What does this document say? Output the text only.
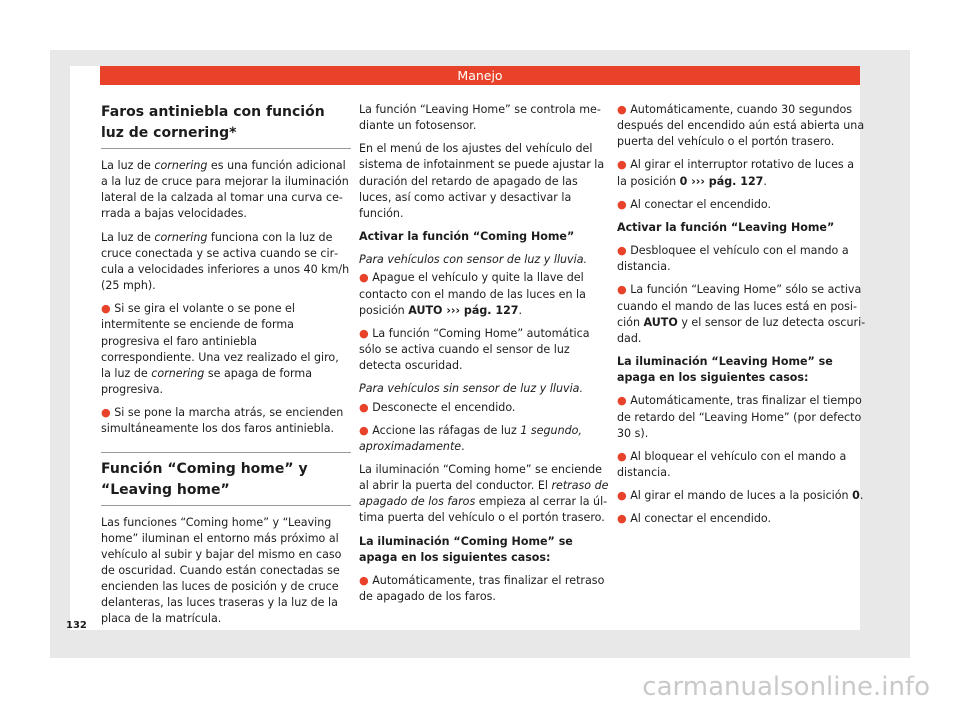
Manejo
Faros antiniebla con función luz de cornering*

La luz de cornering es una función adicional a la luz de cruce para mejorar la iluminación lateral de la calzada al tomar una curva cerrada a bajas velocidades.

La luz de cornering funciona con la luz de cruce conectada y se activa cuando se circula a velocidades inferiores a unos 40 km/h (25 mph).

● Si se gira el volante o se pone el intermitente se enciende de forma progresiva el faro antiniebla correspondiente. Una vez realizado el giro, la luz de cornering se apaga de forma progresiva.

● Si se pone la marcha atrás, se encienden simultáneamente los dos faros antiniebla.

Función “Coming home” y “Leaving home”

Las funciones “Coming home” y “Leaving home” iluminan el entorno más próximo al vehículo al subir y bajar del mismo en caso de oscuridad. Cuando están conectadas se encienden las luces de posición y de cruce delanteras, las luces traseras y la luz de la placa de la matrícula.

La función “Leaving Home” se controla mediante un fotosensor.

En el menú de los ajustes del vehículo del sistema de infotainment se puede ajustar la duración del retardo de apagado de las luces, así como activar y desactivar la función.

Activar la función “Coming Home”

Para vehículos con sensor de luz y lluvia.

● Apague el vehículo y quite la llave del contacto con el mando de las luces en la posición AUTO ››› pág. 127.

● La función “Coming Home” automática sólo se activa cuando el sensor de luz detecta oscuridad.

Para vehículos sin sensor de luz y lluvia.

● Desconecte el encendido.

● Accione las ráfagas de luz 1 segundo, aproximadamente.

La iluminación “Coming home” se enciende al abrir la puerta del conductor. El retraso de apagado de los faros empieza al cerrar la última puerta del vehículo o el portón trasero.

La iluminación “Coming Home” se apaga en los siguientes casos:

● Automáticamente, tras finalizar el retraso de apagado de los faros.

● Automáticamente, cuando 30 segundos después del encendido aún está abierta una puerta del vehículo o el portón trasero.

● Al girar el interruptor rotativo de luces a la posición 0 ››› pág. 127.

● Al conectar el encendido.

Activar la función “Leaving Home”

● Desbloquee el vehículo con el mando a distancia.

● La función “Leaving Home” sólo se activa cuando el mando de las luces está en posición AUTO y el sensor de luz detecta oscuridad.

La iluminación “Leaving Home” se apaga en los siguientes casos:

● Automáticamente, tras finalizar el tiempo de retardo del “Leaving Home” (por defecto 30 s).

● Al bloquear el vehículo con el mando a distancia.

● Al girar el mando de luces a la posición 0.

● Al conectar el encendido.

132
carmanualsonline.info
